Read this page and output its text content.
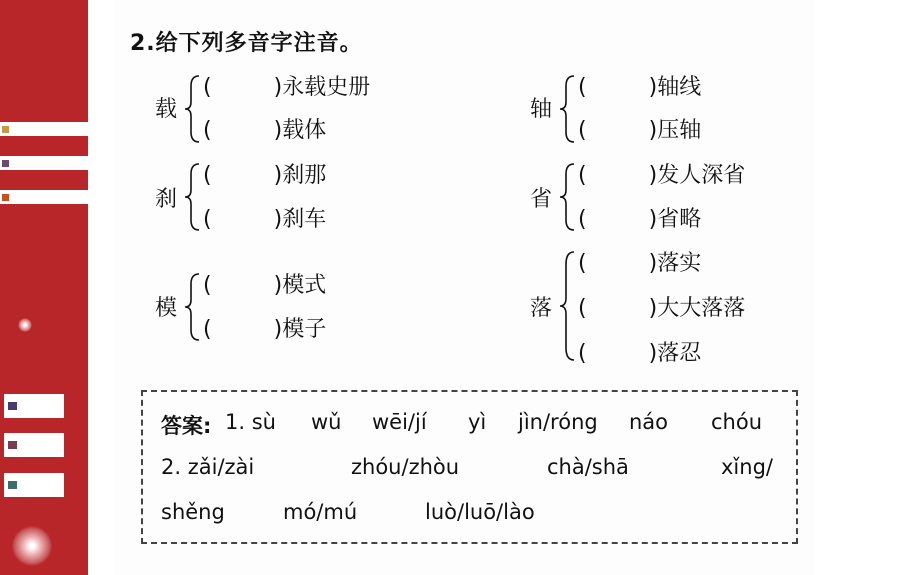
2.给下列多音字注音。
载
(	)永载史册
(	)载体
刹
(	)刹那
(	)刹车
模
(	)模式
(	)模子
轴
(	)轴线
(	)压轴
省
(	)发人深省
(	)省略
落
(	)落实
(	)大大落落
(	)落忍
答案: 1. sù wǔ wēi/jí yì jìn/róng náo chóu
2. zǎi/zài	zhóu/zhòu	chà/shā	xǐng/
shěng	mó/mú	luò/luō/lào
